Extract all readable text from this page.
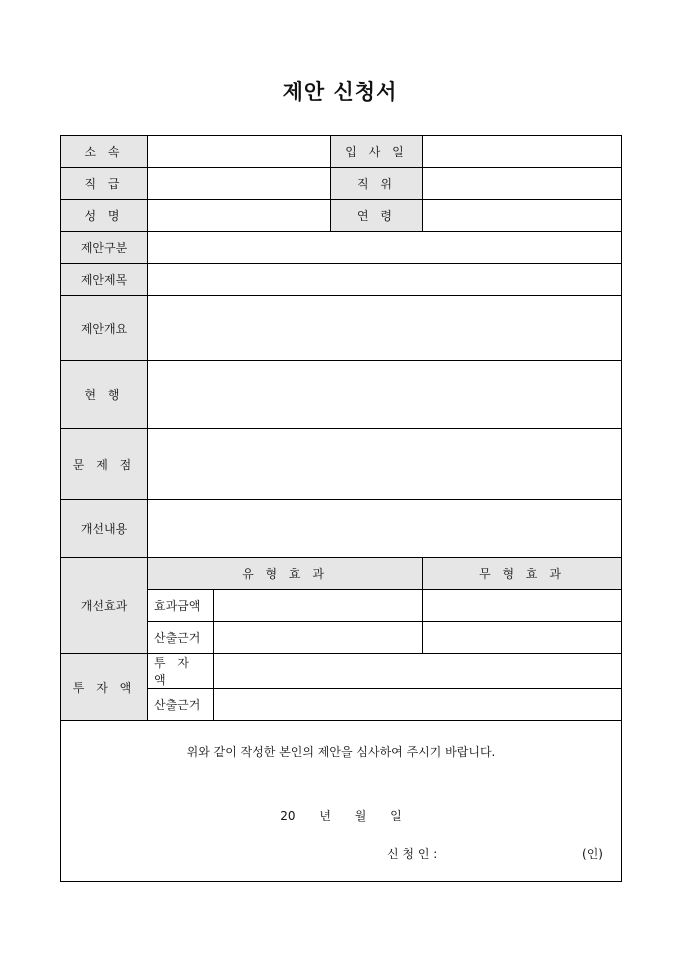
제안 신청서
소 속			입 사 일	
직 급			직 위	
성 명			연 령	
제안구분				
제안제목				
제안개요				
현 행				
문 제 점				
개선내용				
개선효과	유 형 효 과			무 형 효 과
	효과금액			
	산출근거			
투 자 액	투 자 액			
	산출근거			

위와 같이 작성한 본인의 제안을 심사하여 주시기 바랍니다.
20 년 월 일
신 청 인 : (인)				
